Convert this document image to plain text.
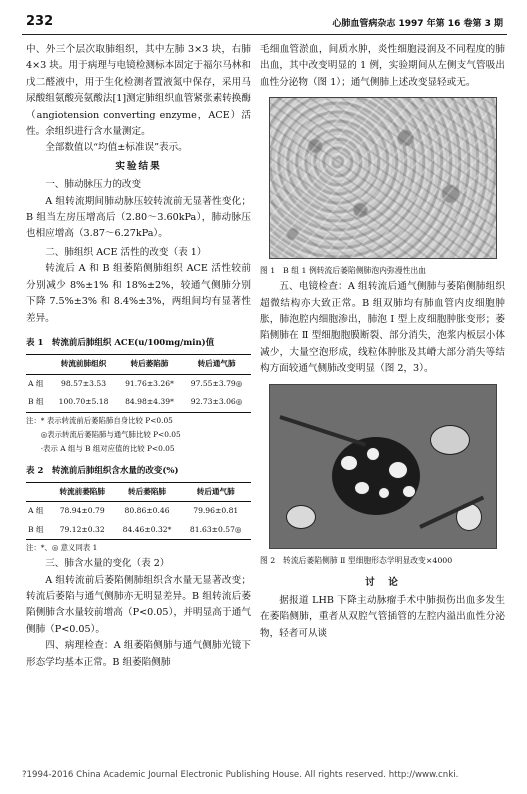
232	心肺血管病杂志 1997 年第 16 卷第 3 期

中、外三个层次取肺组织，其中左肺 3×3 块，右肺 4×3 块。用于病理与电镜检测标本固定于福尔马林和戊二醛液中，用于生化检测者置液氮中保存，采用马尿酸组氨酸亮氨酸法[1]测定肺组织血管紧张素转换酶（angiotension converting enzyme，ACE）活性。余组织进行含水量测定。

全部数值以“均值±标准误”表示。

实验结果

一、肺动脉压力的改变

A 组转流期间肺动脉压较转流前无显著性变化；B 组当左房压增高后（2.80～3.60kPa），肺动脉压也相应增高（3.87～6.27kPa）。

二、肺组织 ACE 活性的改变（表 1）

转流后 A 和 B 组萎陷侧肺组织 ACE 活性较前分别减少 8%±1% 和 18%±2%，较通气侧肺分别下降 7.5%±3% 和 8.4%±3%，两组间均有显著性差异。

表 1　转流前后肺组织 ACE(u/100mg/min)值
	转流前肺组织	转后萎陷肺	转后通气肺
A 组	98.57±3.53	91.76±3.26*	97.55±3.79◎
B 组	100.70±5.18	84.98±4.39*	92.73±3.06◎
注：* 表示转流前后萎陷肺自身比较 P<0.05
◎表示转流后萎陷肺与通气肺比较 P<0.05
·表示 A 组与 B 组对应值的比较 P<0.05
表 2　转流前后肺组织含水量的改变(%)
	转流前萎陷肺	转后萎陷肺	转后通气肺
A 组	78.94±0.79	80.86±0.46	79.96±0.81
B 组	79.12±0.32	84.46±0.32*	81.63±0.57◎
注：*、◎ 意义同表 1

三、肺含水量的变化（表 2）

A 组转流前后萎陷侧肺组织含水量无显著改变；转流后萎陷与通气侧肺亦无明显差异。B 组转流后萎陷侧肺含水量较前增高（P<0.05），并明显高于通气侧肺（P<0.05）。

四、病理检查：A 组萎陷侧肺与通气侧肺光镜下形态学均基本正常。B 组萎陷侧肺

毛细血管淤血，间质水肿，炎性细胞浸润及不同程度的肺出血，其中改变明显的 1 例，实验期间从左侧支气管吸出血性分泌物（图 1）；通气侧肺上述改变显轻或无。

图 1　B 组 1 例转流后萎陷侧肺泡内弥漫性出血

五、电镜检查：A 组转流后通气侧肺与萎陷侧肺组织超微结构亦大致正常。B 组双肺均有肺血管内皮细胞肿胀，肺泡腔内细胞渗出，肺泡 Ⅰ 型上皮细胞肿胀变形；萎陷侧肺在 Ⅱ 型细胞胞膜断裂、部分消失，泡浆内板层小体减少，大量空泡形成，线粒体肿胀及其嵴大部分消失等结构方面较通气侧肺改变明显（图 2，3）。

图 2　转流后萎陷侧肺 Ⅱ 型细胞形态学明显改变×4000
讨　论

据报道 LHB 下降主动脉瘤手术中肺损伤出血多发生在萎陷侧肺，重者从双腔气管插管的左腔内溢出血性分泌物，轻者可从谈

?1994-2016 China Academic Journal Electronic Publishing House. All rights reserved. http://www.cnki.
